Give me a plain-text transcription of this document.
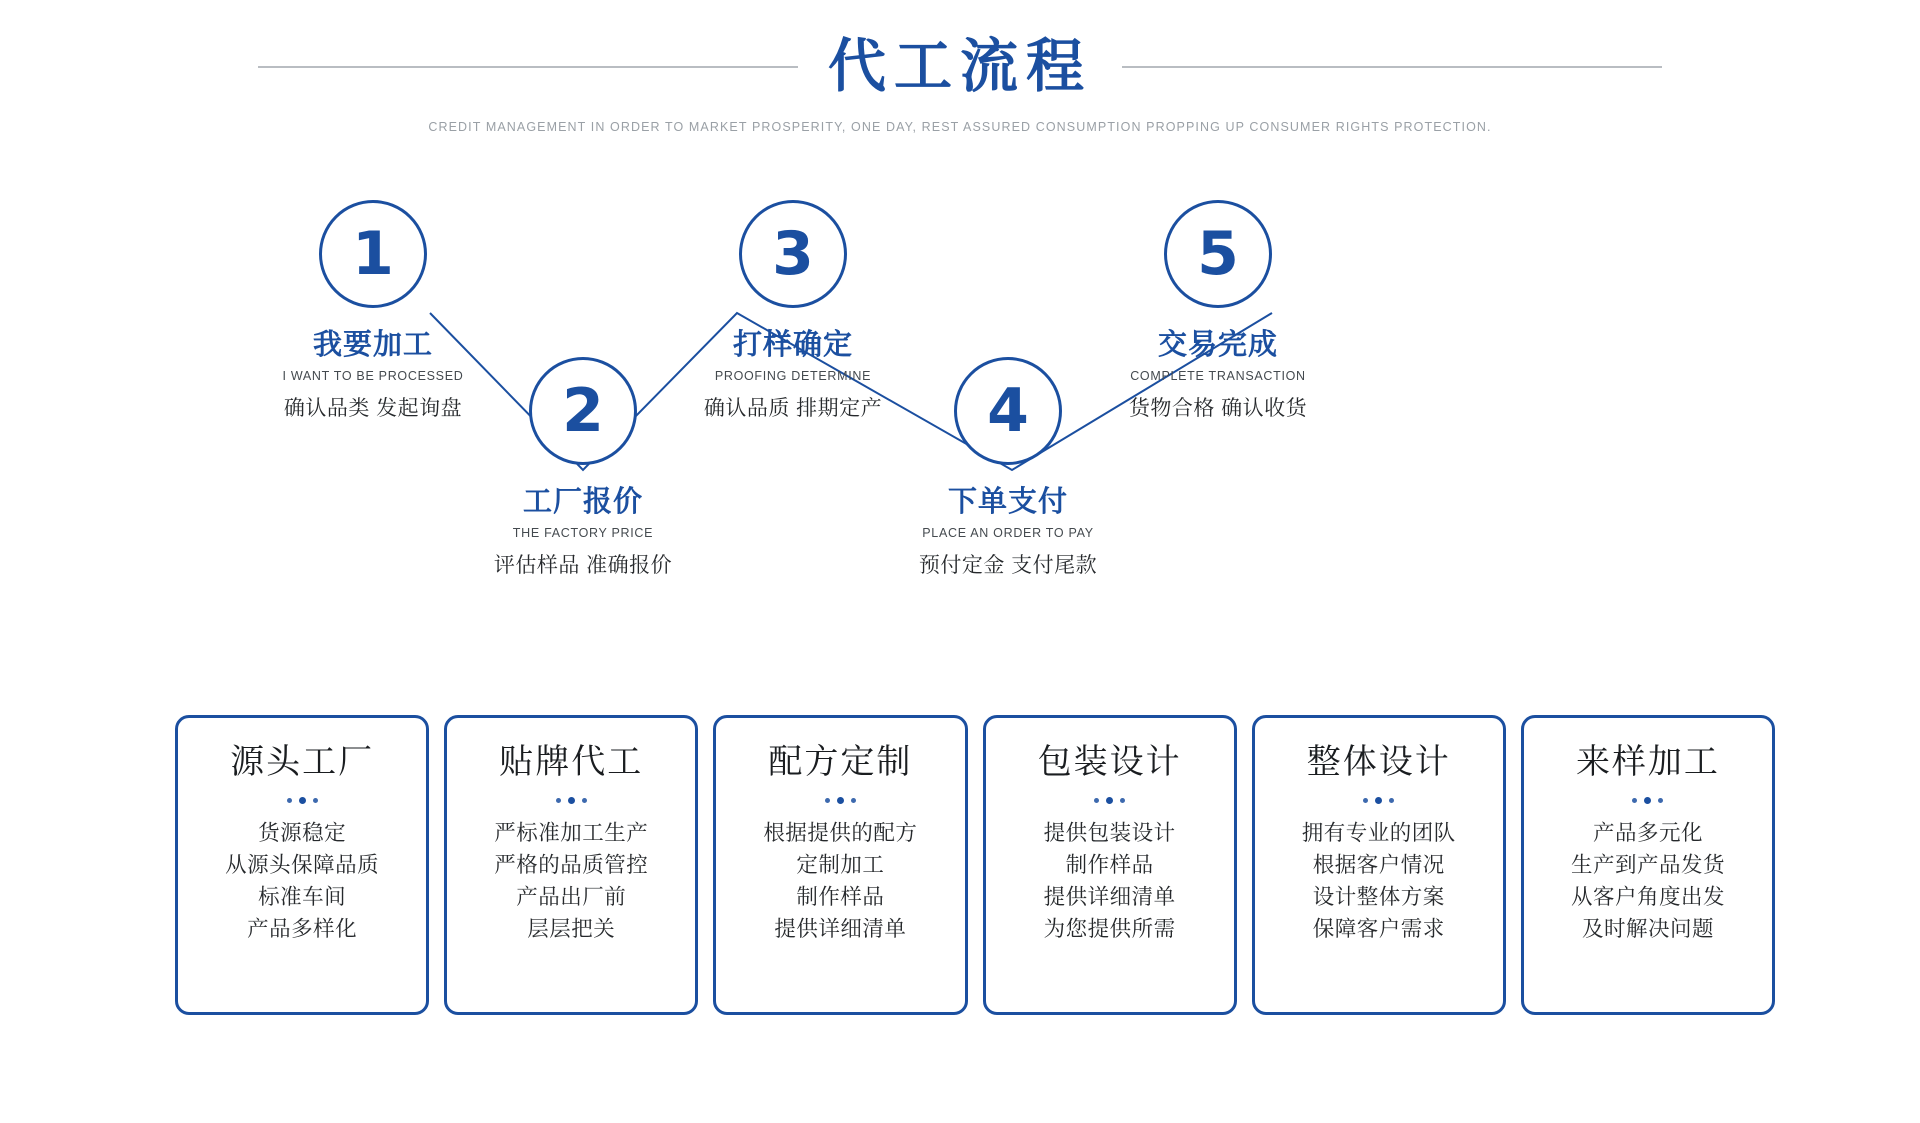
代工流程
CREDIT MANAGEMENT IN ORDER TO MARKET PROSPERITY, ONE DAY, REST ASSURED CONSUMPTION PROPPING UP CONSUMER RIGHTS PROTECTION.
1
我要加工
I WANT TO BE PROCESSED
确认品类 发起询盘	2
工厂报价
THE FACTORY PRICE
评估样品 准确报价
3
打样确定
PROOFING DETERMINE
确认品质 排期定产	4
下单支付
PLACE AN ORDER TO PAY
预付定金 支付尾款
5
交易完成
COMPLETE TRANSACTION
货物合格 确认收货
源头工厂
货源稳定
从源头保障品质
标准车间
产品多样化
贴牌代工
严标准加工生产
严格的品质管控
产品出厂前
层层把关
配方定制
根据提供的配方
定制加工
制作样品
提供详细清单
包装设计
提供包装设计
制作样品
提供详细清单
为您提供所需
整体设计
拥有专业的团队
根据客户情况
设计整体方案
保障客户需求
来样加工
产品多元化
生产到产品发货
从客户角度出发
及时解决问题
